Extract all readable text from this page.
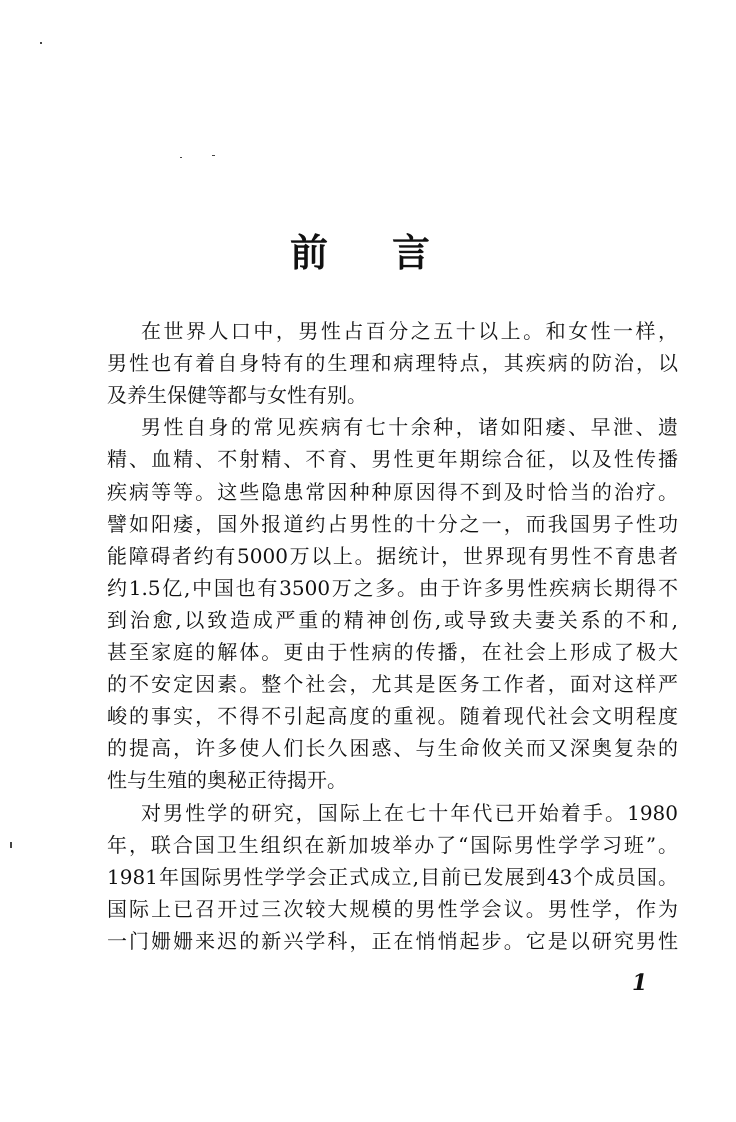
前 言
在世界人口中，男性占百分之五十以上。和女性一样，
男性也有着自身特有的生理和病理特点，其疾病的防治，以
及养生保健等都与女性有别。
男性自身的常见疾病有七十余种，诸如阳痿、早泄、遗
精、血精、不射精、不育、男性更年期综合征，以及性传播
疾病等等。这些隐患常因种种原因得不到及时恰当的治疗。
譬如阳痿，国外报道约占男性的十分之一，而我国男子性功
能障碍者约有5000万以上。据统计，世界现有男性不育患者
约1.5亿,中国也有3500万之多。由于许多男性疾病长期得不
到治愈,以致造成严重的精神创伤,或导致夫妻关系的不和,
甚至家庭的解体。更由于性病的传播，在社会上形成了极大
的不安定因素。整个社会，尤其是医务工作者，面对这样严
峻的事实，不得不引起高度的重视。随着现代社会文明程度
的提高，许多使人们长久困惑、与生命攸关而又深奥复杂的
性与生殖的奥秘正待揭开。
对男性学的研究，国际上在七十年代已开始着手。1980
年，联合国卫生组织在新加坡举办了“国际男性学学习班”。
1981年国际男性学学会正式成立,目前已发展到43个成员国。
国际上已召开过三次较大规模的男性学会议。男性学，作为
一门姗姗来迟的新兴学科，正在悄悄起步。它是以研究男性
1
